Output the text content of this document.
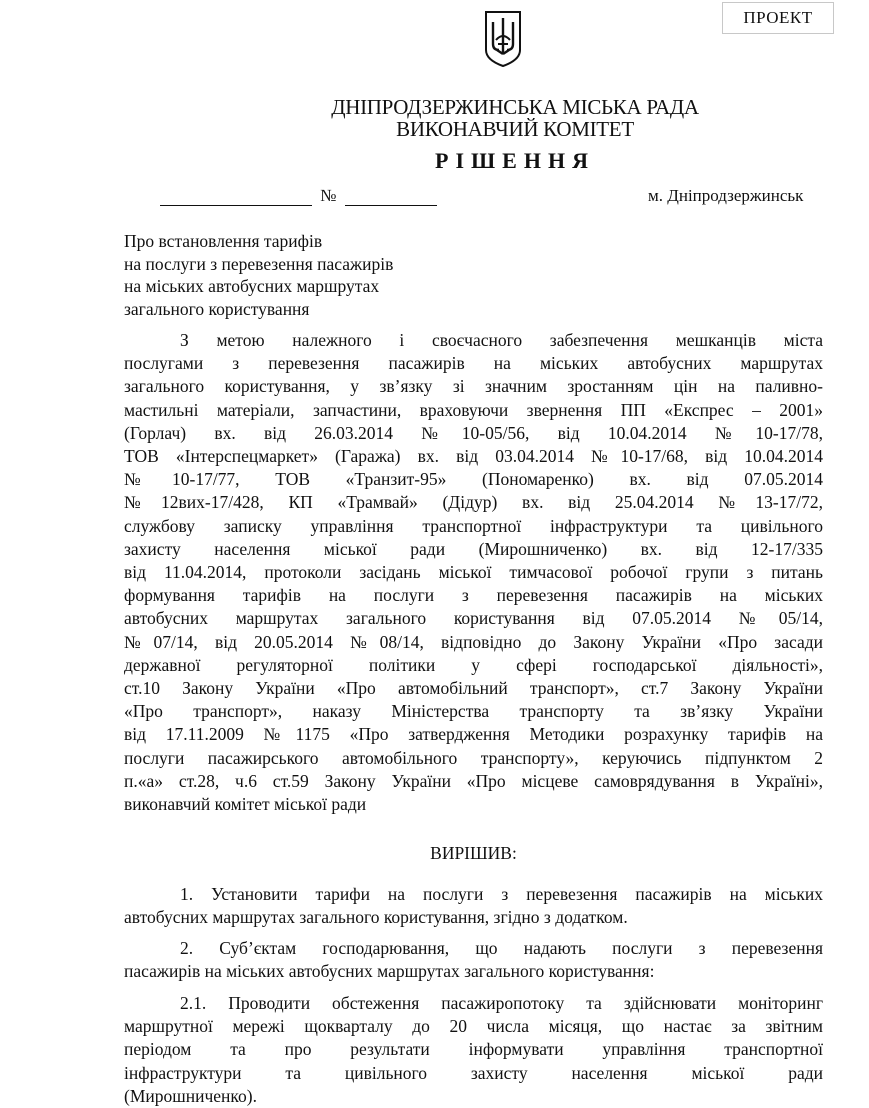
ПРОЕКТ
ДНІПРОДЗЕРЖИНСЬКА МІСЬКА РАДА
ВИКОНАВЧИЙ КОМІТЕТ
РІШЕННЯ
№	м. Дніпродзержинськ
Про встановлення тарифів
на послуги з перевезення пасажирів
на міських автобусних маршрутах
загального користування
З метою належного і своєчасного забезпечення мешканців міста
послугами з перевезення пасажирів на міських автобусних маршрутах
загального користування, у зв’язку зі значним зростанням цін на паливно-
мастильні матеріали, запчастини, враховуючи звернення ПП «Експрес – 2001»
(Горлач) вх. від 26.03.2014 №10-05/56, від 10.04.2014 №10-17/78,
ТОВ «Інтерспецмаркет» (Гаража) вх. від 03.04.2014 №10-17/68, від 10.04.2014
№10-17/77, ТОВ «Транзит-95» (Пономаренко) вх. від 07.05.2014
№12вих-17/428, КП «Трамвай» (Дідур) вх. від 25.04.2014 №13-17/72,
службову записку управління транспортної інфраструктури та цивільного
захисту населення міської ради (Мирошниченко) вх. від 12-17/335
від 11.04.2014, протоколи засідань міської тимчасової робочої групи з питань
формування тарифів на послуги з перевезення пасажирів на міських
автобусних маршрутах загального користування від 07.05.2014 №05/14,
№07/14, від 20.05.2014 №08/14, відповідно до Закону України «Про засади
державної регуляторної політики у сфері господарської діяльності»,
ст.10 Закону України «Про автомобільний транспорт», ст.7 Закону України
«Про транспорт», наказу Міністерства транспорту та зв’язку України
від 17.11.2009 №1175 «Про затвердження Методики розрахунку тарифів на
послуги пасажирського автомобільного транспорту», керуючись підпунктом 2
п.«а» ст.28, ч.6 ст.59 Закону України «Про місцеве самоврядування в Україні»,
виконавчий комітет міської ради
ВИРІШИВ:
1. Установити тарифи на послуги з перевезення пасажирів на міських
автобусних маршрутах загального користування, згідно з додатком.
2. Суб’єктам господарювання, що надають послуги з перевезення
пасажирів на міських автобусних маршрутах загального користування:
2.1. Проводити обстеження пасажиропотоку та здійснювати моніторинг
маршрутної мережі щокварталу до 20 числа місяця, що настає за звітним
періодом та про результати інформувати управління транспортної
інфраструктури та цивільного захисту населення міської ради
(Мирошниченко).
